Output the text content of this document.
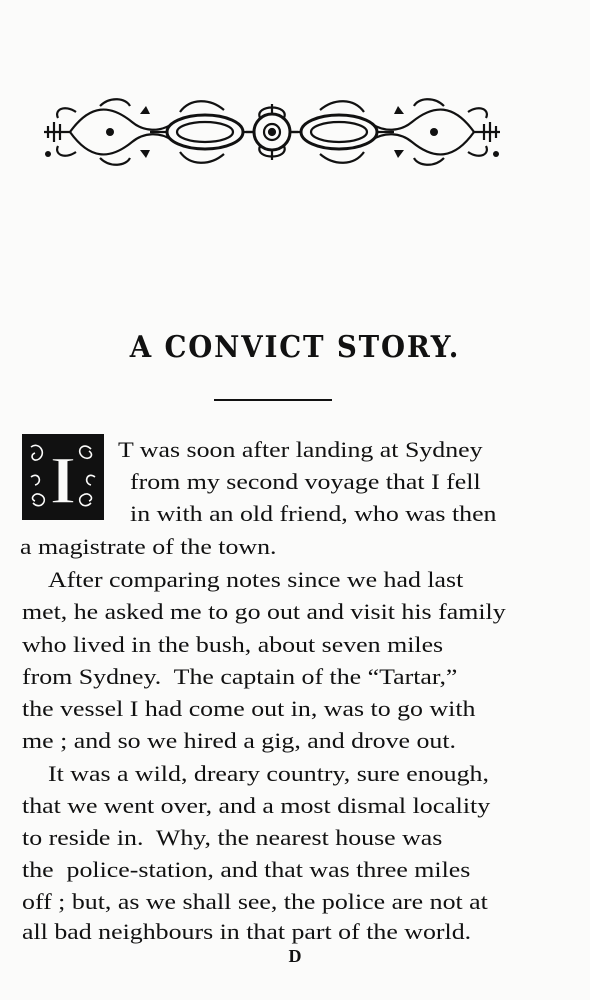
A CONVICT STORY.
I T was soon after landing at Sydney
from my second voyage that I fell
in with an old friend, who was then
a magistrate of the town.
After comparing notes since we had last
met, he asked me to go out and visit his family
who lived in the bush, about seven miles
from Sydney.  The captain of the “Tartar,”
the vessel I had come out in, was to go with
me ; and so we hired a gig, and drove out.
It was a wild, dreary country, sure enough,
that we went over, and a most dismal locality
to reside in.  Why, the nearest house was
the  police-station, and that was three miles
off ; but, as we shall see, the police are not at
all bad neighbours in that part of the world.
D
